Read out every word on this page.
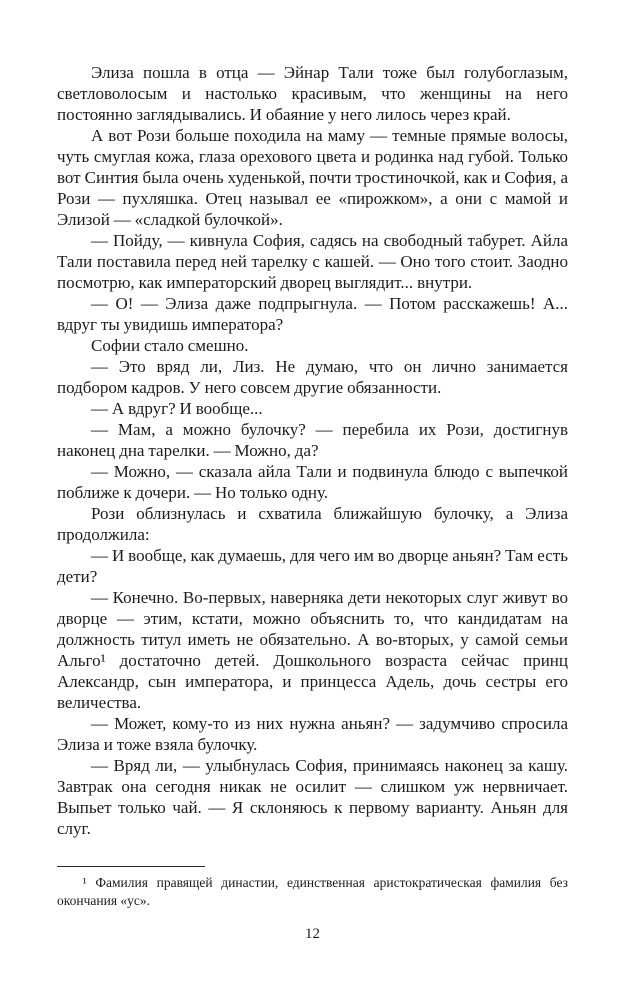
Элиза пошла в отца — Эйнар Тали тоже был голубоглазым, светловолосым и настолько красивым, что женщины на него постоянно заглядывались. И обаяние у него лилось через край.

А вот Рози больше походила на маму — темные прямые волосы, чуть смуглая кожа, глаза орехового цвета и родинка над губой. Только вот Синтия была очень худенькой, почти тростиночкой, как и София, а Рози — пухляшка. Отец называл ее «пирожком», а они с мамой и Элизой — «сладкой булочкой».

— Пойду, — кивнула София, садясь на свободный табурет. Айла Тали поставила перед ней тарелку с кашей. — Оно того стоит. Заодно посмотрю, как императорский дворец выглядит... внутри.

— О! — Элиза даже подпрыгнула. — Потом расскажешь! А... вдруг ты увидишь императора?

Софии стало смешно.

— Это вряд ли, Лиз. Не думаю, что он лично занимается подбором кадров. У него совсем другие обязанности.

— А вдруг? И вообще...

— Мам, а можно булочку? — перебила их Рози, достигнув наконец дна тарелки. — Можно, да?

— Можно, — сказала айла Тали и подвинула блюдо с выпечкой поближе к дочери. — Но только одну.

Рози облизнулась и схватила ближайшую булочку, а Элиза продолжила:

— И вообще, как думаешь, для чего им во дворце аньян? Там есть дети?

— Конечно. Во-первых, наверняка дети некоторых слуг живут во дворце — этим, кстати, можно объяснить то, что кандидатам на должность титул иметь не обязательно. А во-вторых, у самой семьи Альго¹ достаточно детей. Дошкольного возраста сейчас принц Александр, сын императора, и принцесса Адель, дочь сестры его величества.

— Может, кому-то из них нужна аньян? — задумчиво спросила Элиза и тоже взяла булочку.

— Вряд ли, — улыбнулась София, принимаясь наконец за кашу. Завтрак она сегодня никак не осилит — слишком уж нервничает. Выпьет только чай. — Я склоняюсь к первому варианту. Аньян для слуг.

¹ Фамилия правящей династии, единственная аристократическая фамилия без окончания «ус».

12
